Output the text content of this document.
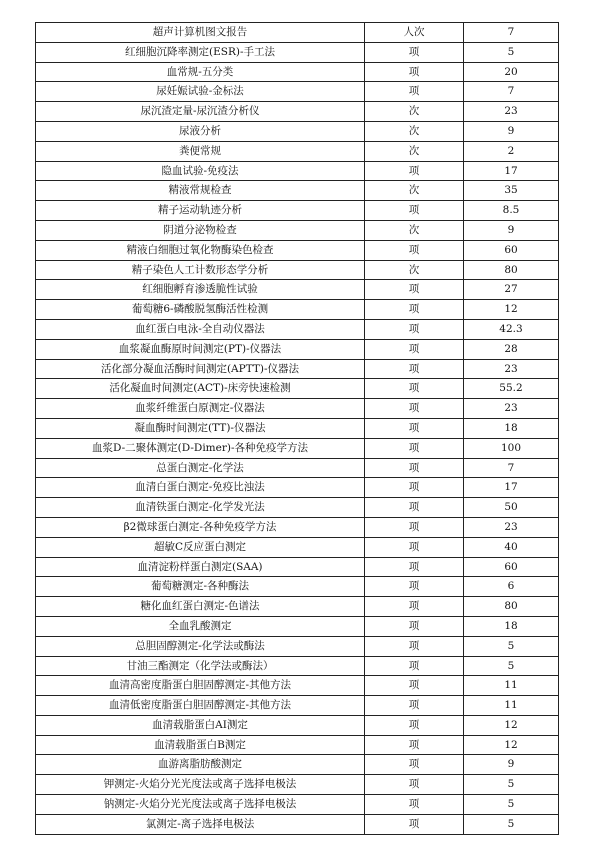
超声计算机图文报告	人次	7
红细胞沉降率测定(ESR)-手工法	项	5
血常规-五分类	项	20
尿妊娠试验-金标法	项	7
尿沉渣定量-尿沉渣分析仪	次	23
尿液分析	次	9
粪便常规	次	2
隐血试验-免疫法	项	17
精液常规检查	次	35
精子运动轨迹分析	项	8.5
阴道分泌物检查	次	9
精液白细胞过氧化物酶染色检查	项	60
精子染色人工计数形态学分析	次	80
红细胞孵育渗透脆性试验	项	27
葡萄糖6-磷酸脱氢酶活性检测	项	12
血红蛋白电泳-全自动仪器法	项	42.3
血浆凝血酶原时间测定(PT)-仪器法	项	28
活化部分凝血活酶时间测定(APTT)-仪器法	项	23
活化凝血时间测定(ACT)-床旁快速检测	项	55.2
血浆纤维蛋白原测定-仪器法	项	23
凝血酶时间测定(TT)-仪器法	项	18
血浆D-二聚体测定(D-Dimer)-各种免疫学方法	项	100
总蛋白测定-化学法	项	7
血清白蛋白测定-免疫比浊法	项	17
血清铁蛋白测定-化学发光法	项	50
β2微球蛋白测定-各种免疫学方法	项	23
超敏C反应蛋白测定	项	40
血清淀粉样蛋白测定(SAA)	项	60
葡萄糖测定-各种酶法	项	6
糖化血红蛋白测定-色谱法	项	80
全血乳酸测定	项	18
总胆固醇测定-化学法或酶法	项	5
甘油三酯测定（化学法或酶法）	项	5
血清高密度脂蛋白胆固醇测定-其他方法	项	11
血清低密度脂蛋白胆固醇测定-其他方法	项	11
血清载脂蛋白AⅠ测定	项	12
血清载脂蛋白B测定	项	12
血游离脂肪酸测定	项	9
钾测定-火焰分光光度法或离子选择电极法	项	5
钠测定-火焰分光光度法或离子选择电极法	项	5
氯测定-离子选择电极法	项	5
